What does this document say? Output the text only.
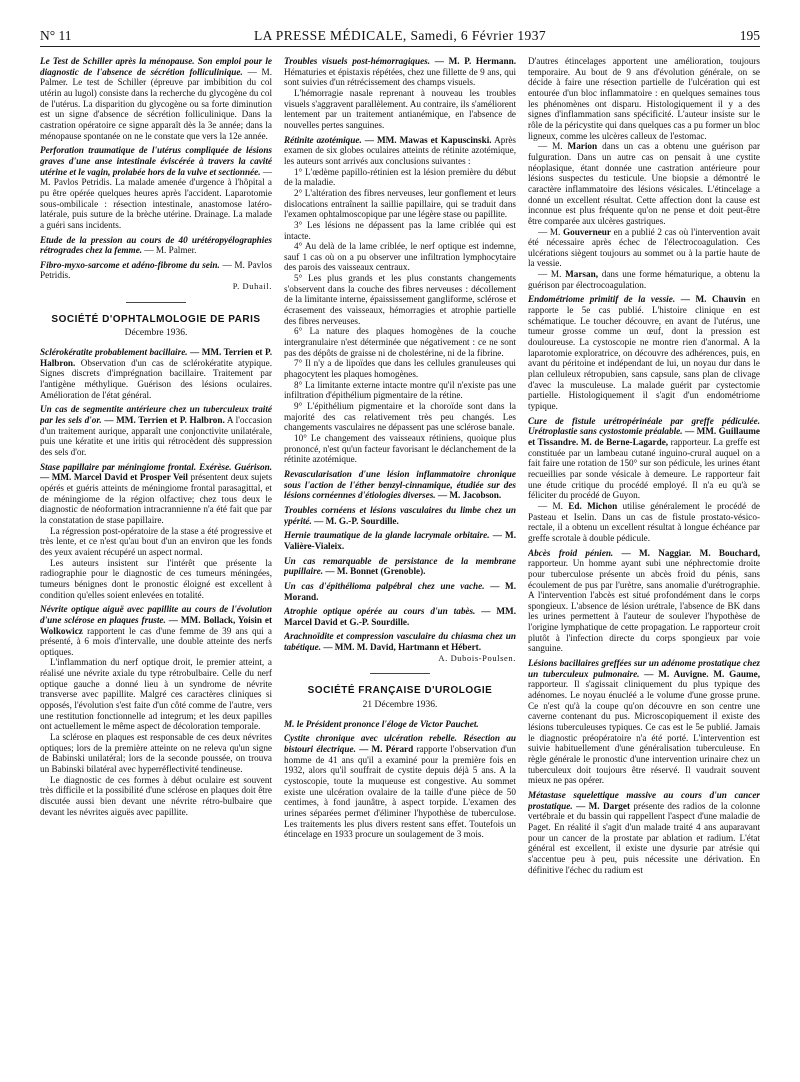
N° 11	LA PRESSE MÉDICALE, Samedi, 6 Février 1937	195

Le Test de Schiller après la ménopause. Son emploi pour le diagnostic de l'absence de sécrétion folliculinique. — M. Palmer. Le test de Schiller (épreuve par imbibition du col utérin au lugol) consiste dans la recherche du glycogène du col de l'utérus. La disparition du glycogène ou sa forte diminution est un signe d'absence de sécrétion folliculinique. Dans la castration opératoire ce signe apparaît dès la 3e année; dans la ménopause spontanée on ne le constate que vers la 12e année.

Perforation traumatique de l'utérus compliquée de lésions graves d'une anse intestinale éviscérée à travers la cavité utérine et le vagin, prolabée hors de la vulve et sectionnée. — M. Pavlos Petridis. La malade amenée d'urgence à l'hôpital a pu être opérée quelques heures après l'accident. Laparotomie sous-ombilicale : résection intestinale, anastomose latéro-latérale, puis suture de la brèche utérine. Drainage. La malade a guéri sans incidents.

Etude de la pression au cours de 40 urétéropyélographies rétrogrades chez la femme. — M. Palmer.

Fibro-myxo-sarcome et adéno-fibrome du sein. — M. Pavlos Petridis.

P. Duhail.

SOCIÉTÉ D'OPHTALMOLOGIE DE PARIS
Décembre 1936.

Sclérokératite probablement bacillaire. — MM. Terrien et P. Halbron. Observation d'un cas de sclérokératite atypique. Signes discrets d'imprégnation bacillaire. Traitement par l'antigène méthylique. Guérison des lésions oculaires. Amélioration de l'état général.

Un cas de segmentite antérieure chez un tuberculeux traité par les sels d'or. — MM. Terrien et P. Halbron. A l'occasion d'un traitement aurique, apparaît une conjonctivite unilatérale, puis une kératite et une iritis qui rétrocèdent dès suppression des sels d'or.

Stase papillaire par méningiome frontal. Exérèse. Guérison. — MM. Marcel David et Prosper Veil présentent deux sujets opérés et guéris atteints de méningiome frontal parasagittal, et de méningiome de la région olfactive; chez tous deux le diagnostic de néoformation intracrannienne n'a été fait que par la constatation de stase papillaire.

La régression post-opératoire de la stase a été progressive et très lente, et ce n'est qu'au bout d'un an environ que les fonds des yeux avaient récupéré un aspect normal.

Les auteurs insistent sur l'intérêt que présente la radiographie pour le diagnostic de ces tumeurs méningées, tumeurs bénignes dont le pronostic éloigné est excellent à condition qu'elles soient enlevées en totalité.

Névrite optique aiguë avec papillite au cours de l'évolution d'une sclérose en plaques fruste. — MM. Bollack, Yoisin et Wolkowicz rapportent le cas d'une femme de 39 ans qui a présenté, à 6 mois d'intervalle, une double atteinte des nerfs optiques.

L'inflammation du nerf optique droit, le premier atteint, a réalisé une névrite axiale du type rétrobulbaire. Celle du nerf optique gauche a donné lieu à un syndrome de névrite transverse avec papillite. Malgré ces caractères cliniques si opposés, l'évolution s'est faite d'un côté comme de l'autre, vers une restitution fonctionnelle ad integrum; et les deux papilles ont actuellement le même aspect de décoloration temporale.

La sclérose en plaques est responsable de ces deux névrites optiques; lors de la première atteinte on ne releva qu'un signe de Babinski unilatéral; lors de la seconde poussée, on trouva un Babinski bilatéral avec hyperréflectivité tendineuse.

Le diagnostic de ces formes à début oculaire est souvent très difficile et la possibilité d'une sclérose en plaques doit être discutée aussi bien devant une névrite rétro-bulbaire que devant les névrites aiguës avec papillite.

Troubles visuels post-hémorragiques. — M. P. Hermann. Hématuries et épistaxis répétées, chez une fillette de 9 ans, qui sont suivies d'un rétrécissement des champs visuels.

L'hémorragie nasale reprenant à nouveau les troubles visuels s'aggravent parallèlement. Au contraire, ils s'améliorent lentement par un traitement antianémique, en l'absence de nouvelles pertes sanguines.

Rétinite azotémique. — MM. Mawas et Kapuscinski. Après examen de six globes oculaires atteints de rétinite azotémique, les auteurs sont arrivés aux conclusions suivantes :

1° L'œdème papillo-rétinien est la lésion première du début de la maladie.

2° L'altération des fibres nerveuses, leur gonflement et leurs dislocations entraînent la saillie papillaire, qui se traduit dans l'examen ophtalmoscopique par une légère stase ou papillite.

3° Les lésions ne dépassent pas la lame criblée qui est intacte.

4° Au delà de la lame criblée, le nerf optique est indemne, sauf 1 cas où on a pu observer une infiltration lymphocytaire des parois des vaisseaux centraux.

5° Les plus grands et les plus constants changements s'observent dans la couche des fibres nerveuses : décollement de la limitante interne, épaississement gangliforme, sclérose et écrasement des vaisseaux, hémorragies et atrophie partielle des fibres nerveuses.

6° La nature des plaques homogènes de la couche intergranulaire n'est déterminée que négativement : ce ne sont pas des dépôts de graisse ni de cholestérine, ni de la fibrine.

7° Il n'y a de lipoïdes que dans les cellules granuleuses qui phagocytent les plaques homogènes.

8° La limitante externe intacte montre qu'il n'existe pas une infiltration d'épithélium pigmentaire de la rétine.

9° L'épithélium pigmentaire et la choroïde sont dans la majorité des cas relativement très peu changés. Les changements vasculaires ne dépassent pas une sclérose banale.

10° Le changement des vaisseaux rétiniens, quoique plus prononcé, n'est qu'un facteur favorisant le déclanchement de la rétinite azotémique.

Revascularisation d'une lésion inflammatoire chronique sous l'action de l'éther benzyl-cinnamique, étudiée sur des lésions cornéennes d'étiologies diverses. — M. Jacobson.

Troubles cornéens et lésions vasculaires du limbe chez un ypérité. — M. G.-P. Sourdille.

Hernie traumatique de la glande lacrymale orbitaire. — M. Valière-Vialeix.

Un cas remarquable de persistance de la membrane pupillaire. — M. Bonnet (Grenoble).

Un cas d'épithélioma palpébral chez une vache. — M. Morand.

Atrophie optique opérée au cours d'un tabès. — MM. Marcel David et G.-P. Sourdille.

Arachnoïdite et compression vasculaire du chiasma chez un tabétique. — MM. M. David, Hartmann et Hébert.

A. Dubois-Poulsen.

SOCIÉTÉ FRANÇAISE D'UROLOGIE
21 Décembre 1936.

M. le Président prononce l'éloge de Victor Pauchet.

Cystite chronique avec ulcération rebelle. Résection au bistouri électrique. — M. Pérard rapporte l'observation d'un homme de 41 ans qu'il a examiné pour la première fois en 1932, alors qu'il souffrait de cystite depuis déjà 5 ans. A la cystoscopie, toute la muqueuse est congestive. Au sommet existe une ulcération ovalaire de la taille d'une pièce de 50 centimes, à fond jaunâtre, à aspect torpide. L'examen des urines séparées permet d'éliminer l'hypothèse de tuberculose. Les traitements les plus divers restent sans effet. Toutefois un étincelage en 1933 procure un soulagement de 3 mois.

D'autres étincelages apportent une amélioration, toujours temporaire. Au bout de 9 ans d'évolution générale, on se décide à faire une résection partielle de l'ulcération qui est entourée d'un bloc inflammatoire : en quelques semaines tous les phénomènes ont disparu. Histologiquement il y a des signes d'inflammation sans spécificité. L'auteur insiste sur le rôle de la péricystite qui dans quelques cas a pu former un bloc ligneux, comme les ulcères calleux de l'estomac.

— M. Marion dans un cas a obtenu une guérison par fulguration. Dans un autre cas on pensait à une cystite néoplasique, étant donnée une castration antérieure pour lésions suspectes du testicule. Une biopsie a démontré le caractère inflammatoire des lésions vésicales. L'étincelage a donné un excellent résultat. Cette affection dont la cause est inconnue est plus fréquente qu'on ne pense et doit peut-être être comparée aux ulcères gastriques.

— M. Gouverneur en a publié 2 cas où l'intervention avait été nécessaire après échec de l'électrocoagulation. Ces ulcérations siègent toujours au sommet ou à la partie haute de la vessie.

— M. Marsan, dans une forme hématurique, a obtenu la guérison par électrocoagulation.

Endométriome primitif de la vessie. — M. Chauvin en rapporte le 5e cas publié. L'histoire clinique en est schématique. Le toucher découvre, en avant de l'utérus, une tumeur grosse comme un œuf, dont la pression est douloureuse. La cystoscopie ne montre rien d'anormal. A la laparotomie exploratrice, on découvre des adhérences, puis, en avant du péritoine et indépendant de lui, un noyau dur dans le plan celluleux rétropubien, sans capsule, sans plan de clivage d'avec la musculeuse. La malade guérit par cystectomie partielle. Histologiquement il s'agit d'un endométriome typique.

Cure de fistule urétropérinéale par greffe pédiculée. Urétroplastie sans cystostomie préalable. — MM. Guillaume et Tissandre. M. de Berne-Lagarde, rapporteur. La greffe est constituée par un lambeau cutané inguino-crural auquel on a fait faire une rotation de 150° sur son pédicule, les urines étant recueillies par sonde vésicale à demeure. Le rapporteur fait une étude critique du procédé employé. Il n'a eu qu'à se féliciter du procédé de Guyon.

— M. Ed. Michon utilise généralement le procédé de Pasteau et Iselin. Dans un cas de fistule prostato-vésico-rectale, il a obtenu un excellent résultat à longue échéance par greffe scrotale à double pédicule.

Abcès froid pénien. — M. Naggiar. M. Bouchard, rapporteur. Un homme ayant subi une néphrectomie droite pour tuberculose présente un abcès froid du pénis, sans écoulement de pus par l'urètre, sans anomalie d'urétrographie. A l'intervention l'abcès est situé profondément dans le corps spongieux. L'absence de lésion urétrale, l'absence de BK dans les urines permettent à l'auteur de soulever l'hypothèse de l'origine lymphatique de cette propagation. Le rapporteur croit plutôt à l'infection directe du corps spongieux par voie sanguine.

Lésions bacillaires greffées sur un adénome prostatique chez un tuberculeux pulmonaire. — M. Auvigne. M. Gaume, rapporteur. Il s'agissait cliniquement du plus typique des adénomes. Le noyau énucléé a le volume d'une grosse prune. Ce n'est qu'à la coupe qu'on découvre en son centre une caverne contenant du pus. Microscopiquement il existe des lésions tuberculeuses typiques. Ce cas est le 5e publié. Jamais le diagnostic préopératoire n'a été porté. L'intervention est suivie habituellement d'une généralisation tuberculeuse. En règle générale le pronostic d'une intervention urinaire chez un tuberculeux doit toujours être réservé. Il vaudrait souvent mieux ne pas opérer.

Métastase squelettique massive au cours d'un cancer prostatique. — M. Darget présente des radios de la colonne vertébrale et du bassin qui rappellent l'aspect d'une maladie de Paget. En réalité il s'agit d'un malade traité 4 ans auparavant pour un cancer de la prostate par ablation et radium. L'état général est excellent, il existe une dysurie par atrésie qui s'accentue peu à peu, puis nécessite une dérivation. En définitive l'échec du radium est
